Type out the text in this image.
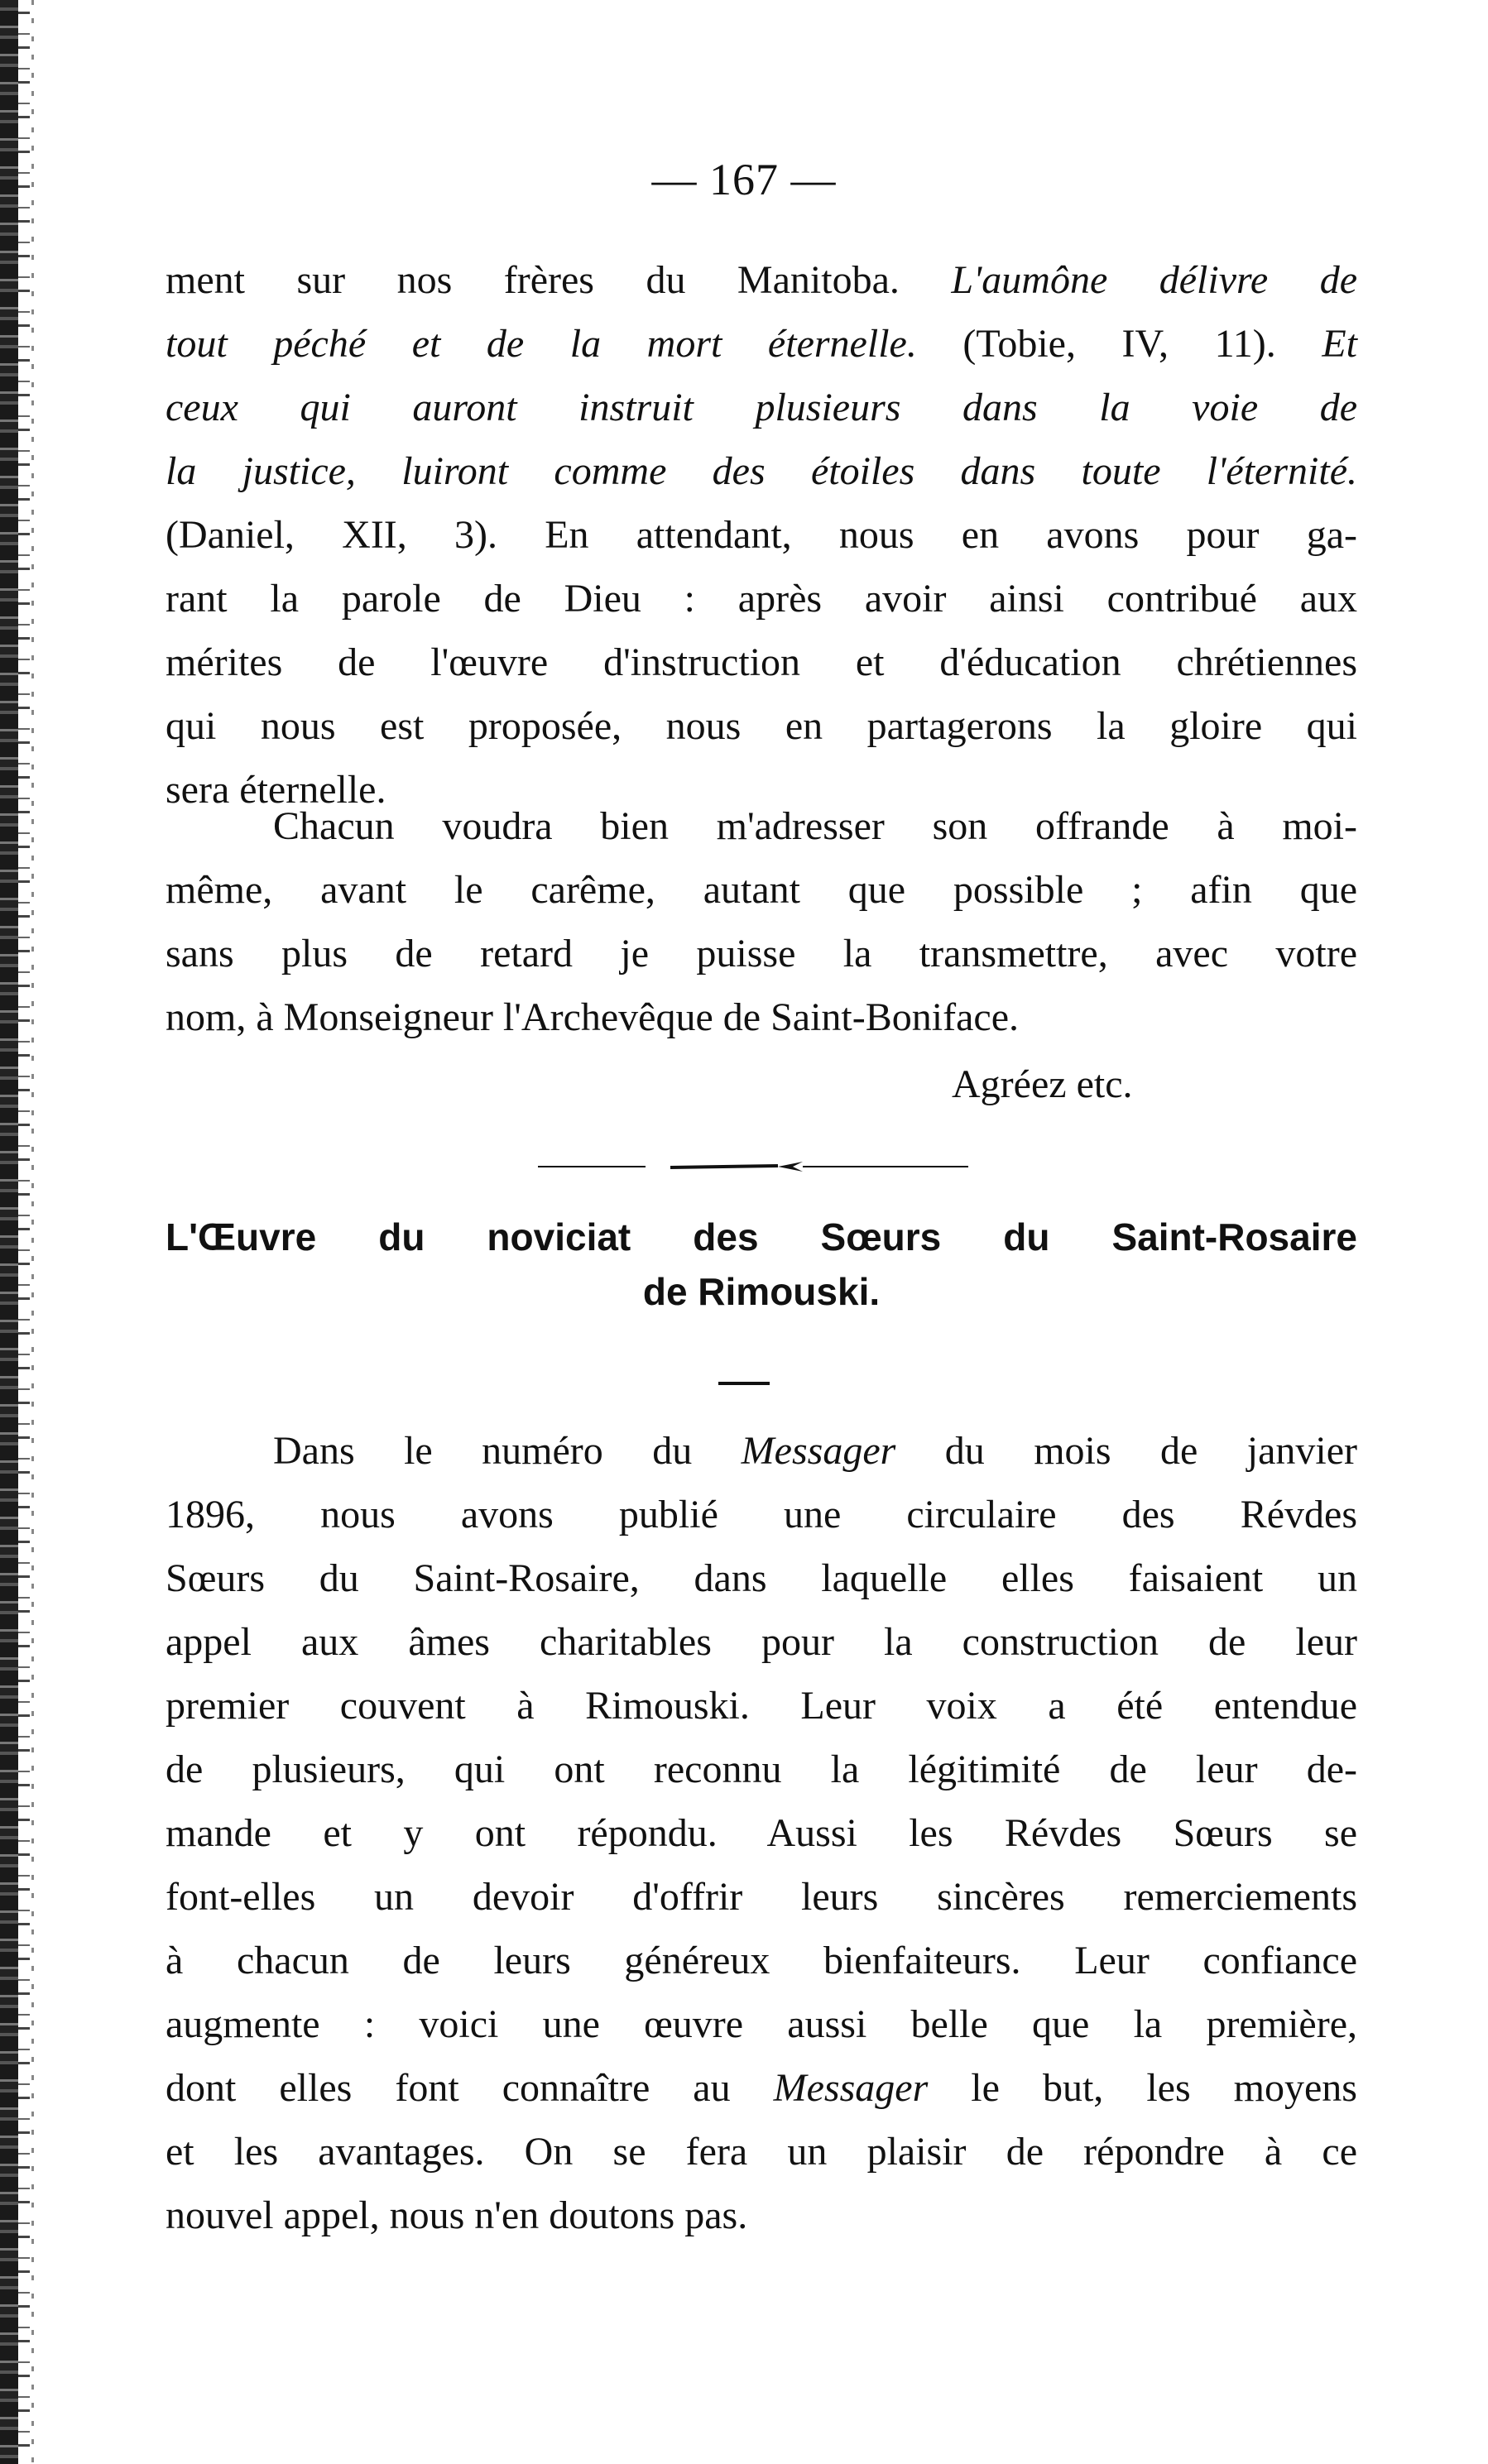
— 167 —
ment sur nos frères du Manitoba. L'aumône délivre de
tout péché et de la mort éternelle. (Tobie, IV, 11). Et
ceux qui auront instruit plusieurs dans la voie de
la justice, luiront comme des étoiles dans toute l'éternité.
(Daniel, XII, 3). En attendant, nous en avons pour ga-
rant la parole de Dieu : après avoir ainsi contribué aux
mérites de l'œuvre d'instruction et d'éducation chrétiennes
qui nous est proposée, nous en partagerons la gloire qui
sera éternelle.
Chacun voudra bien m'adresser son offrande à moi-
même, avant le carême, autant que possible ; afin que
sans plus de retard je puisse la transmettre, avec votre
nom, à Monseigneur l'Archevêque de Saint-Boniface.
Agréez etc.
L'Œuvre du noviciat des Sœurs du Saint-Rosaire
de Rimouski.
Dans le numéro du Messager du mois de janvier
1896, nous avons publié une circulaire des Révdes
Sœurs du Saint-Rosaire, dans laquelle elles faisaient un
appel aux âmes charitables pour la construction de leur
premier couvent à Rimouski. Leur voix a été entendue
de plusieurs, qui ont reconnu la légitimité de leur de-
mande et y ont répondu. Aussi les Révdes Sœurs se
font-elles un devoir d'offrir leurs sincères remerciements
à chacun de leurs généreux bienfaiteurs. Leur confiance
augmente : voici une œuvre aussi belle que la première,
dont elles font connaître au Messager le but, les moyens
et les avantages. On se fera un plaisir de répondre à ce
nouvel appel, nous n'en doutons pas.
